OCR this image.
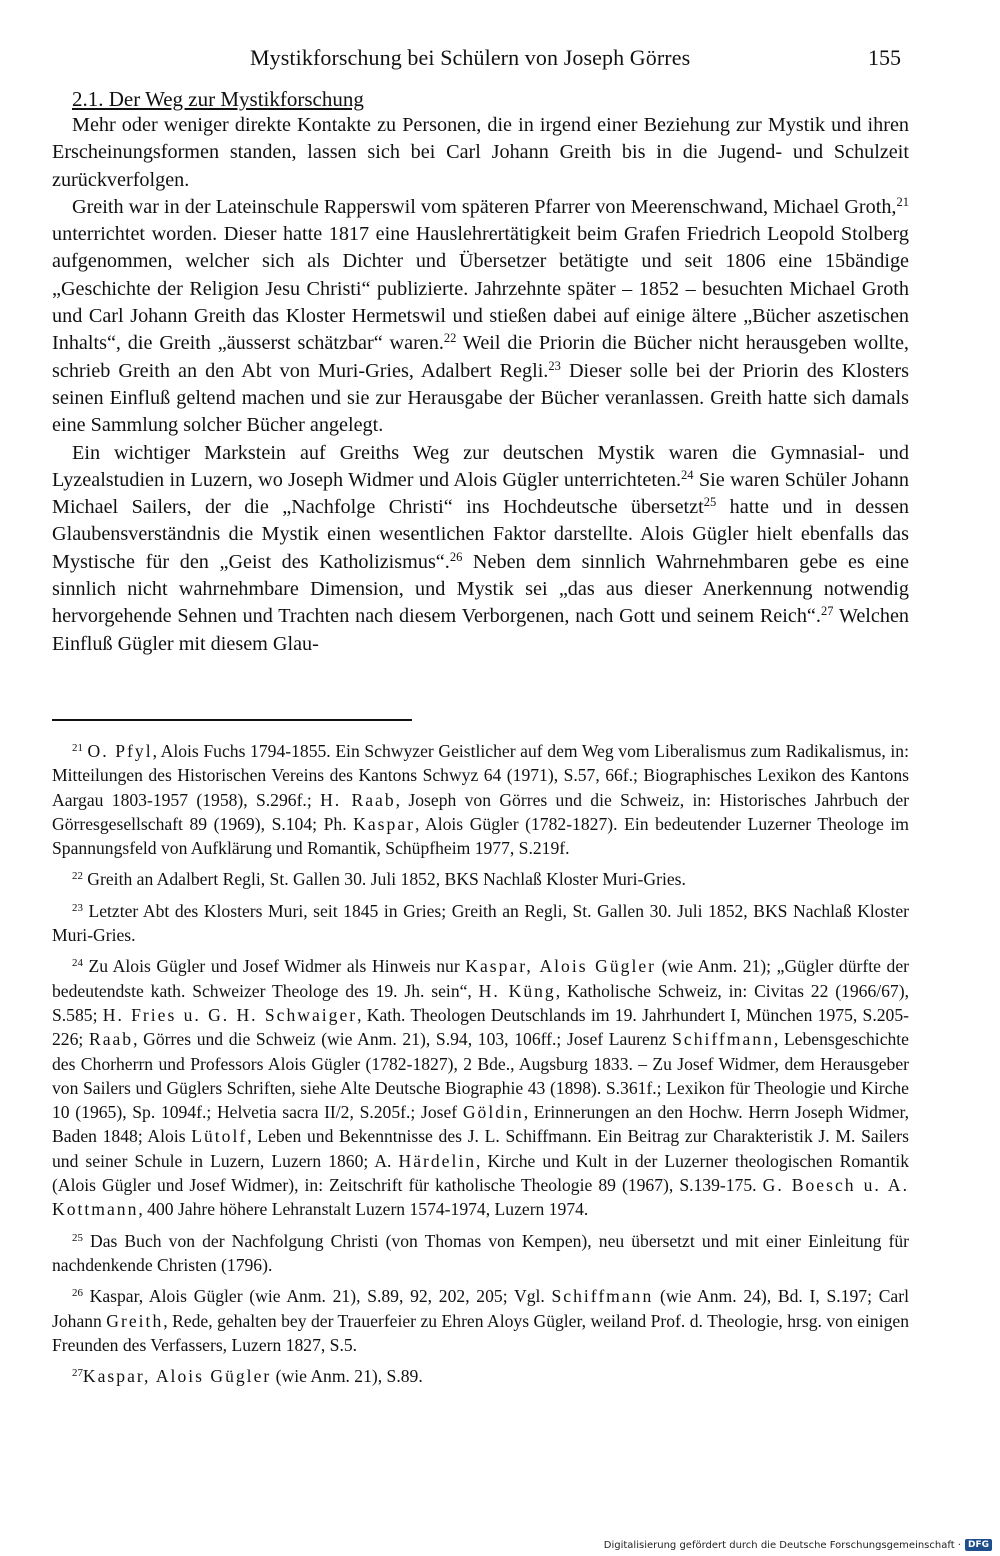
Mystikforschung bei Schülern von Joseph Görres	155
2.1. Der Weg zur Mystikforschung

Mehr oder weniger direkte Kontakte zu Personen, die in irgend einer Beziehung zur Mystik und ihren Erscheinungsformen standen, lassen sich bei Carl Johann Greith bis in die Jugend- und Schulzeit zurückverfolgen.

Greith war in der Lateinschule Rapperswil vom späteren Pfarrer von Meerenschwand, Michael Groth,$^{21}$ unterrichtet worden. Dieser hatte 1817 eine Hauslehrertätigkeit beim Grafen Friedrich Leopold Stolberg aufgenommen, welcher sich als Dichter und Übersetzer betätigte und seit 1806 eine 15bändige „Geschichte der Religion Jesu Christi“ publizierte. Jahrzehnte später – 1852 – besuchten Michael Groth und Carl Johann Greith das Kloster Hermetswil und stießen dabei auf einige ältere „Bücher aszetischen Inhalts“, die Greith „äusserst schätzbar“ waren.$^{22}$ Weil die Priorin die Bücher nicht herausgeben wollte, schrieb Greith an den Abt von Muri-Gries, Adalbert Regli.$^{23}$ Dieser solle bei der Priorin des Klosters seinen Einfluß geltend machen und sie zur Herausgabe der Bücher veranlassen. Greith hatte sich damals eine Sammlung solcher Bücher angelegt.

Ein wichtiger Markstein auf Greiths Weg zur deutschen Mystik waren die Gymnasial- und Lyzealstudien in Luzern, wo Joseph Widmer und Alois Gügler unterrichteten.$^{24}$ Sie waren Schüler Johann Michael Sailers, der die „Nachfolge Christi“ ins Hochdeutsche übersetzt$^{25}$ hatte und in dessen Glaubensverständnis die Mystik einen wesentlichen Faktor darstellte. Alois Gügler hielt ebenfalls das Mystische für den „Geist des Katholizismus“.$^{26}$ Neben dem sinnlich Wahrnehmbaren gebe es eine sinnlich nicht wahrnehmbare Dimension, und Mystik sei „das aus dieser Anerkennung notwendig hervorgehende Sehnen und Trachten nach diesem Verborgenen, nach Gott und seinem Reich“.$^{27}$ Welchen Einfluß Gügler mit diesem Glau-

$^{21}$ O. Pfyl, Alois Fuchs 1794-1855. Ein Schwyzer Geistlicher auf dem Weg vom Liberalismus zum Radikalismus, in: Mitteilungen des Historischen Vereins des Kantons Schwyz 64 (1971), S.57, 66f.; Biographisches Lexikon des Kantons Aargau 1803-1957 (1958), S.296f.; H. Raab, Joseph von Görres und die Schweiz, in: Historisches Jahrbuch der Görresgesellschaft 89 (1969), S.104; Ph. Kaspar, Alois Gügler (1782-1827). Ein bedeutender Luzerner Theologe im Spannungsfeld von Aufklärung und Romantik, Schüpfheim 1977, S.219f.

$^{22}$ Greith an Adalbert Regli, St. Gallen 30. Juli 1852, BKS Nachlaß Kloster Muri-Gries.

$^{23}$ Letzter Abt des Klosters Muri, seit 1845 in Gries; Greith an Regli, St. Gallen 30. Juli 1852, BKS Nachlaß Kloster Muri-Gries.

$^{24}$ Zu Alois Gügler und Josef Widmer als Hinweis nur Kaspar, Alois Gügler (wie Anm. 21); „Gügler dürfte der bedeutendste kath. Schweizer Theologe des 19. Jh. sein“, H. Küng, Katholische Schweiz, in: Civitas 22 (1966/67), S.585; H. Fries u. G. H. Schwaiger, Kath. Theologen Deutschlands im 19. Jahrhundert I, München 1975, S.205-226; Raab, Görres und die Schweiz (wie Anm. 21), S.94, 103, 106ff.; Josef Laurenz Schiffmann, Lebensgeschichte des Chorherrn und Professors Alois Gügler (1782-1827), 2 Bde., Augsburg 1833. – Zu Josef Widmer, dem Herausgeber von Sailers und Güglers Schriften, siehe Alte Deutsche Biographie 43 (1898). S.361f.; Lexikon für Theologie und Kirche 10 (1965), Sp. 1094f.; Helvetia sacra II/2, S.205f.; Josef Göldin, Erinnerungen an den Hochw. Herrn Joseph Widmer, Baden 1848; Alois Lütolf, Leben und Bekenntnisse des J. L. Schiffmann. Ein Beitrag zur Charakteristik J. M. Sailers und seiner Schule in Luzern, Luzern 1860; A. Härdelin, Kirche und Kult in der Luzerner theologischen Romantik (Alois Gügler und Josef Widmer), in: Zeitschrift für katholische Theologie 89 (1967), S.139-175. G. Boesch u. A. Kottmann, 400 Jahre höhere Lehranstalt Luzern 1574-1974, Luzern 1974.

$^{25}$ Das Buch von der Nachfolgung Christi (von Thomas von Kempen), neu übersetzt und mit einer Einleitung für nachdenkende Christen (1796).

$^{26}$ Kaspar, Alois Gügler (wie Anm. 21), S.89, 92, 202, 205; Vgl. Schiffmann (wie Anm. 24), Bd. I, S.197; Carl Johann Greith, Rede, gehalten bey der Trauerfeier zu Ehren Aloys Gügler, weiland Prof. d. Theologie, hrsg. von einigen Freunden des Verfassers, Luzern 1827, S.5.

$^{27}$Kaspar, Alois Gügler (wie Anm. 21), S.89.

Digitalisierung gefördert durch die Deutsche Forschungsgemeinschaft · DFG
